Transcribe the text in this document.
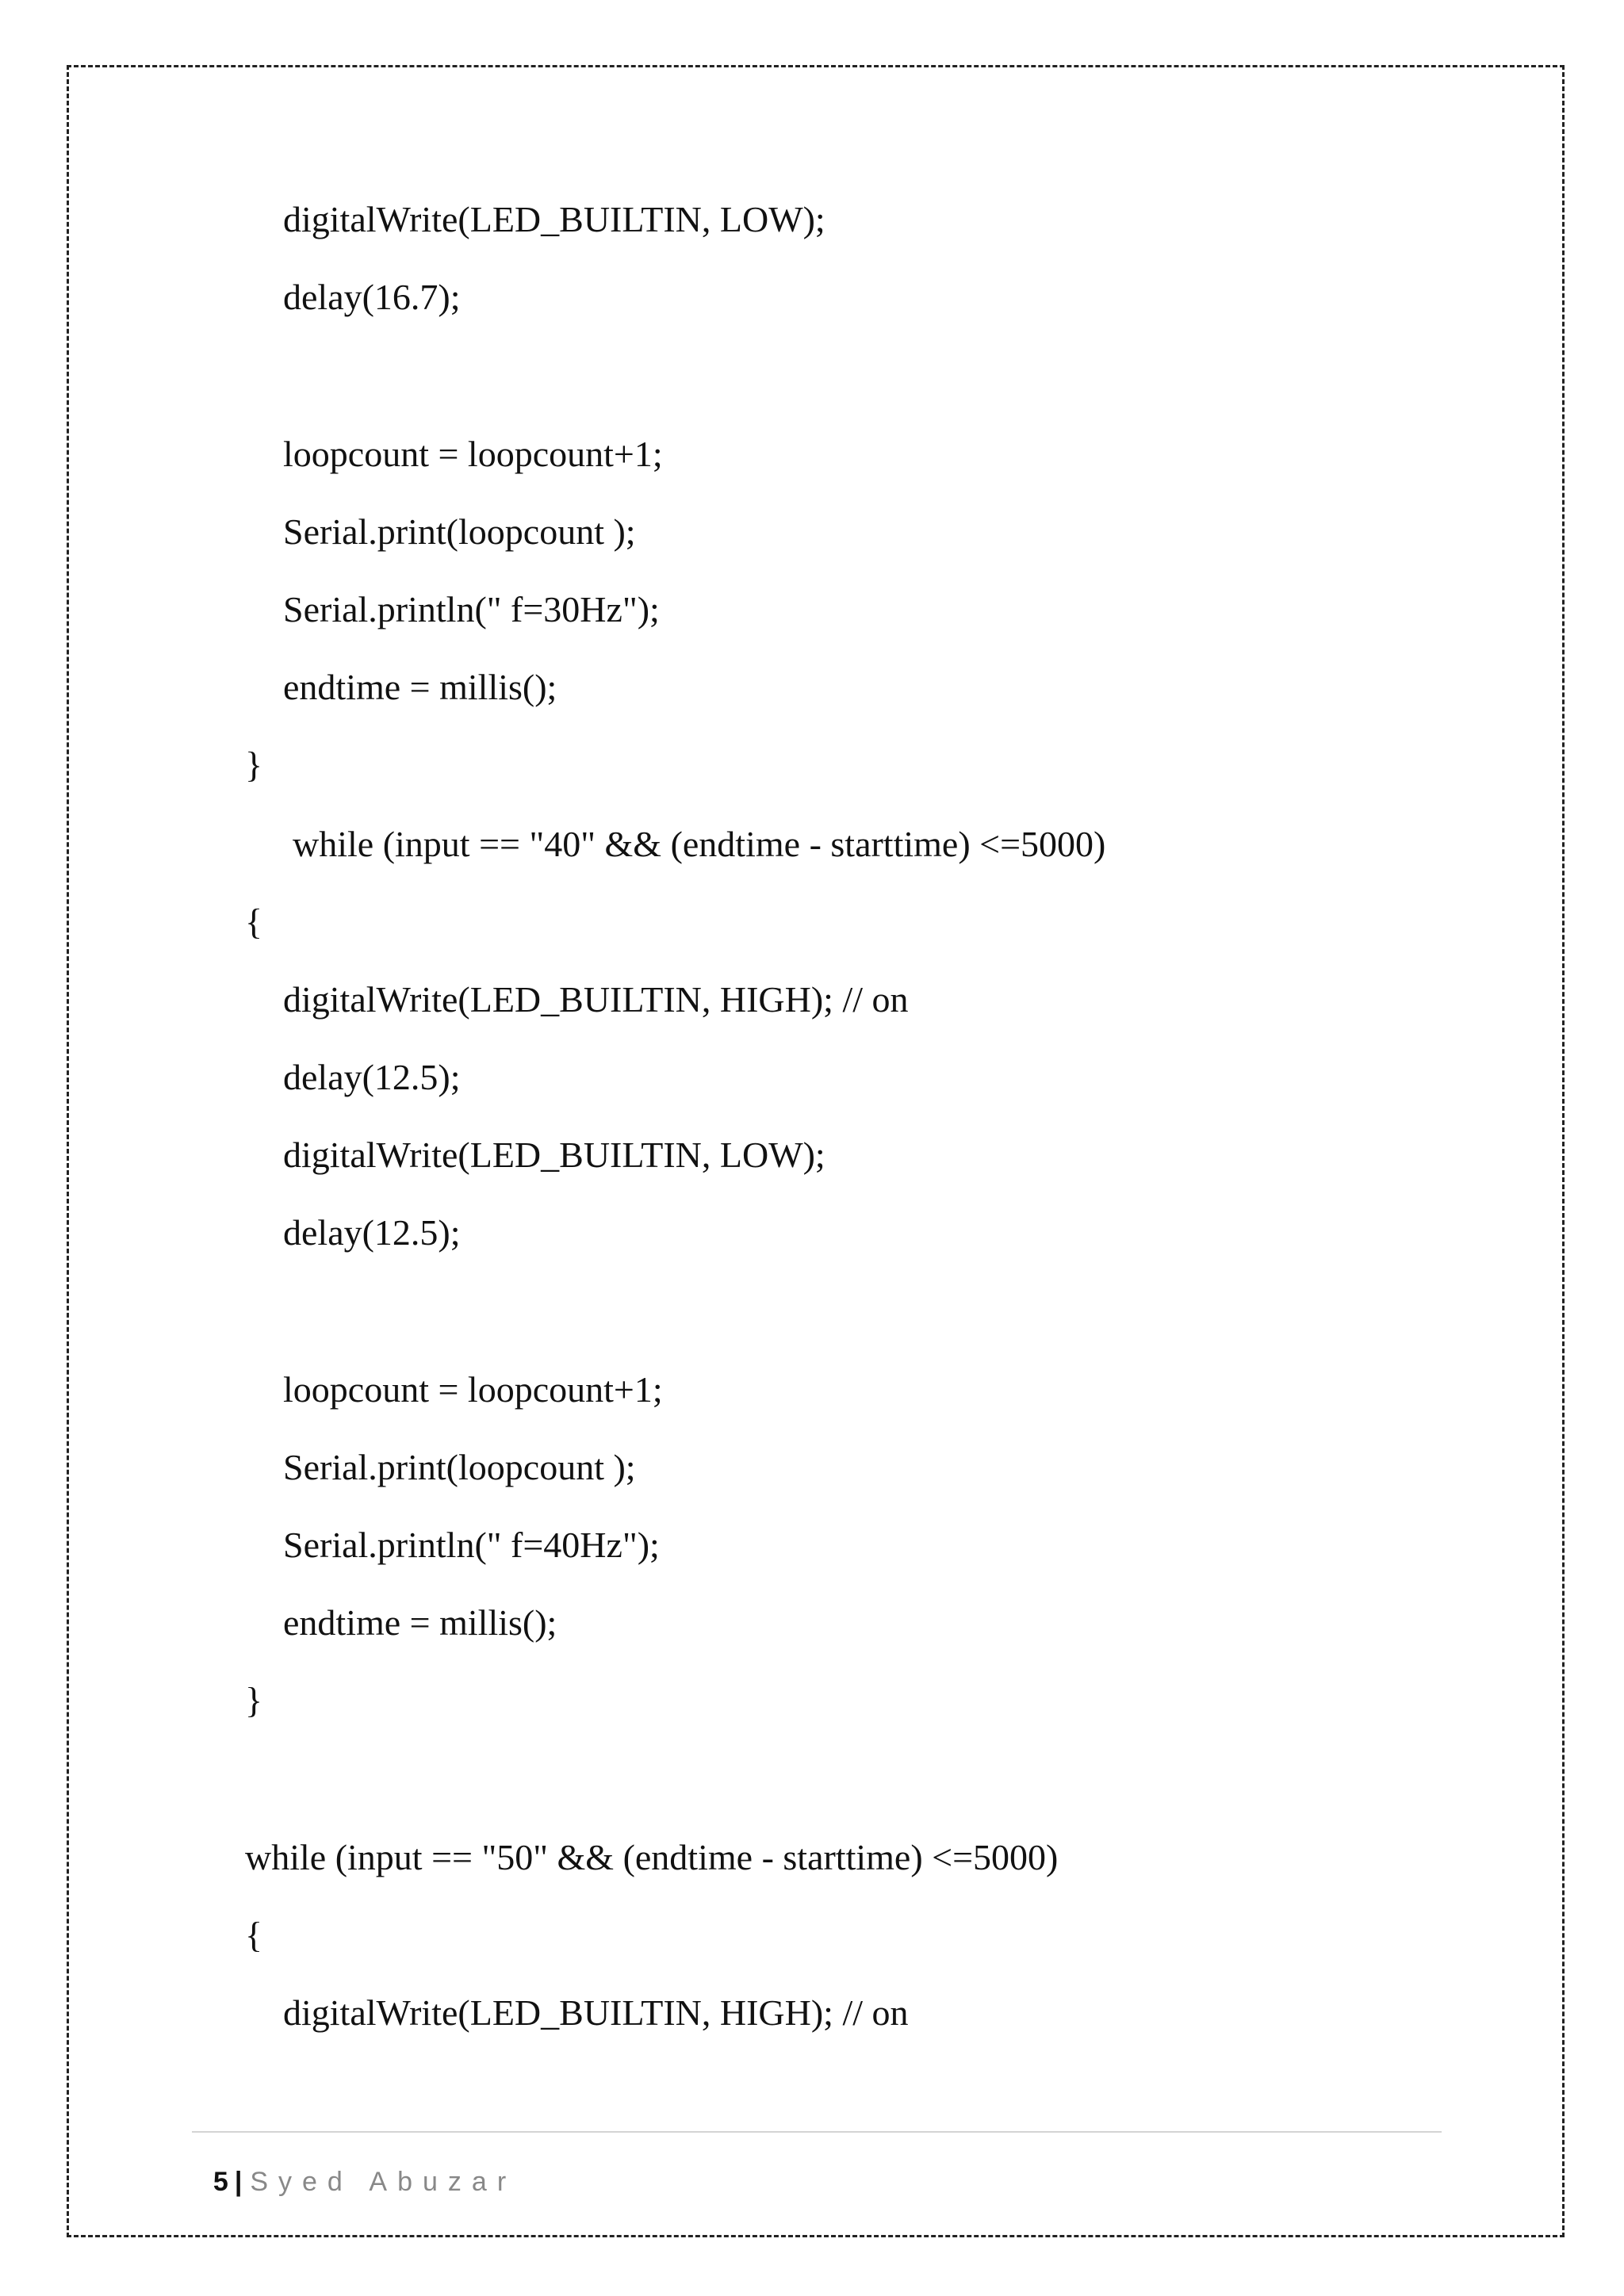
digitalWrite(LED_BUILTIN, LOW);
delay(16.7);
loopcount = loopcount+1;
Serial.print(loopcount );
Serial.println(" f=30Hz");
endtime = millis();
}
while (input == "40" && (endtime - starttime) <=5000)
{
digitalWrite(LED_BUILTIN, HIGH); // on
delay(12.5);
digitalWrite(LED_BUILTIN, LOW);
delay(12.5);
loopcount = loopcount+1;
Serial.print(loopcount );
Serial.println(" f=40Hz");
endtime = millis();
}
while (input == "50" && (endtime - starttime) <=5000)
{
digitalWrite(LED_BUILTIN, HIGH); // on

5 | Syed Abuzar
